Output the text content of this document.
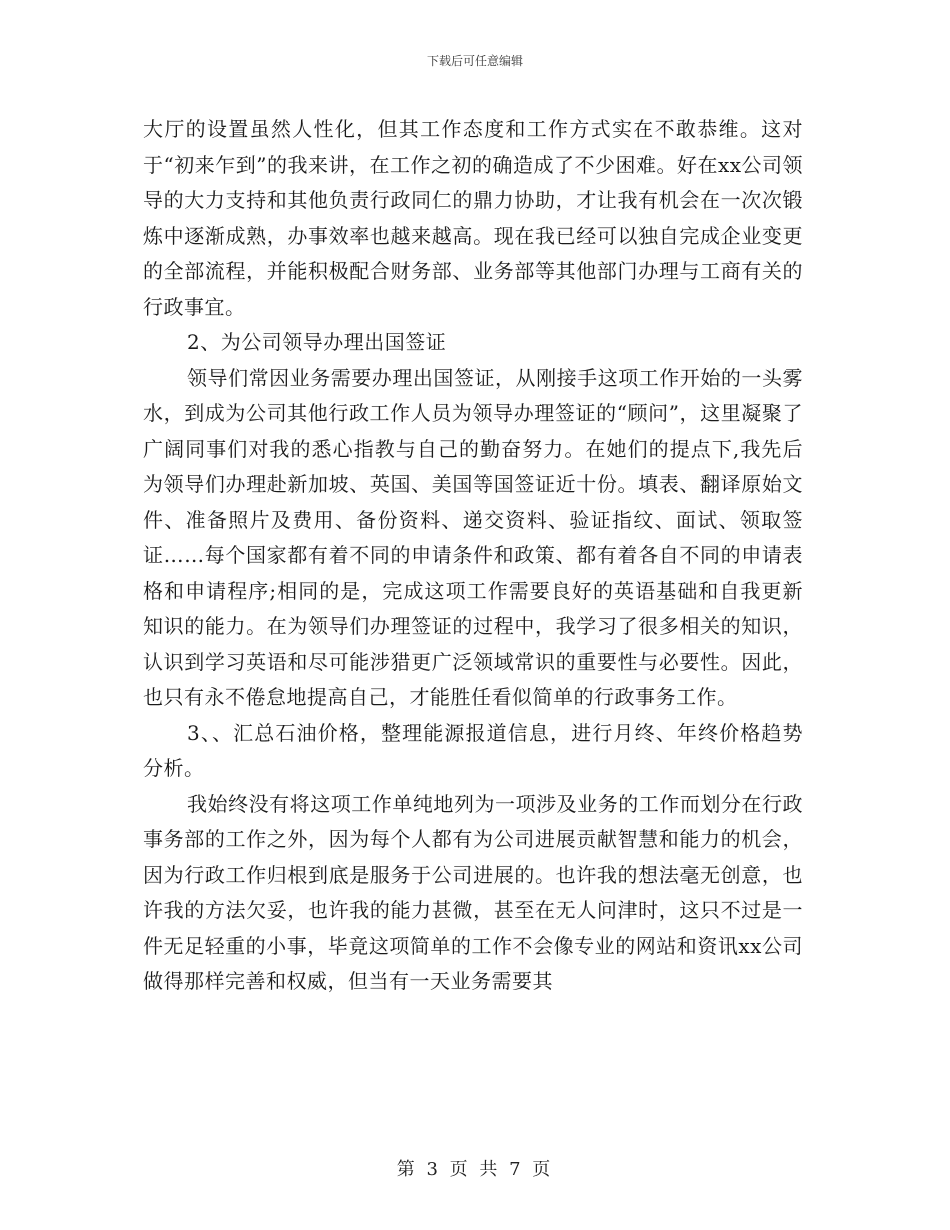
下载后可任意编辑

大厅的设置虽然人性化，但其工作态度和工作方式实在不敢恭维。这对于“初来乍到”的我来讲，在工作之初的确造成了不少困难。好在xx公司领导的大力支持和其他负责行政同仁的鼎力协助，才让我有机会在一次次锻炼中逐渐成熟，办事效率也越来越高。现在我已经可以独自完成企业变更的全部流程，并能积极配合财务部、业务部等其他部门办理与工商有关的行政事宜。

2、为公司领导办理出国签证

领导们常因业务需要办理出国签证，从刚接手这项工作开始的一头雾水，到成为公司其他行政工作人员为领导办理签证的“顾问”，这里凝聚了广阔同事们对我的悉心指教与自己的勤奋努力。在她们的提点下,我先后为领导们办理赴新加坡、英国、美国等国签证近十份。填表、翻译原始文件、准备照片及费用、备份资料、递交资料、验证指纹、面试、领取签证……每个国家都有着不同的申请条件和政策、都有着各自不同的申请表格和申请程序;相同的是，完成这项工作需要良好的英语基础和自我更新知识的能力。在为领导们办理签证的过程中，我学习了很多相关的知识，认识到学习英语和尽可能涉猎更广泛领域常识的重要性与必要性。因此，也只有永不倦怠地提高自己，才能胜任看似简单的行政事务工作。

3、、汇总石油价格，整理能源报道信息，进行月终、年终价格趋势分析。

我始终没有将这项工作单纯地列为一项涉及业务的工作而划分在行政事务部的工作之外，因为每个人都有为公司进展贡献智慧和能力的机会，因为行政工作归根到底是服务于公司进展的。也许我的想法毫无创意，也许我的方法欠妥，也许我的能力甚微，甚至在无人问津时，这只不过是一件无足轻重的小事，毕竟这项简单的工作不会像专业的网站和资讯xx公司做得那样完善和权威，但当有一天业务需要其

第 3 页 共 7 页
